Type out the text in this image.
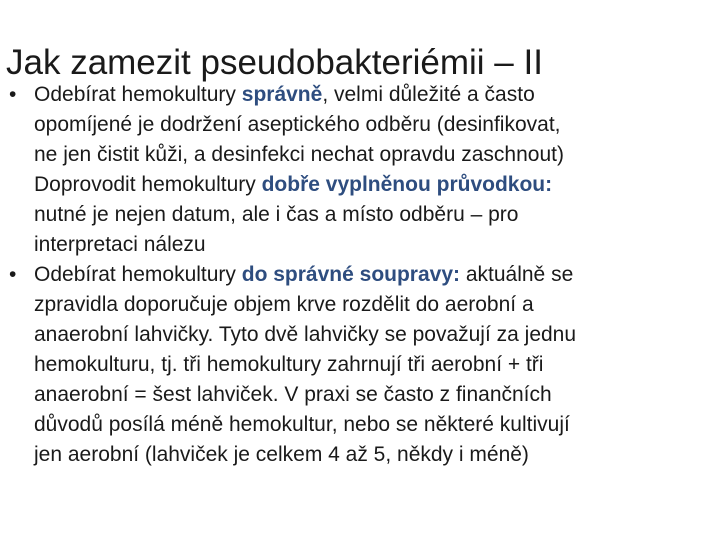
Jak zamezit pseudobakteriémii – II
• Odebírat hemokultury správně, velmi důležité a často
opomíjené je dodržení aseptického odběru (desinfikovat,
ne jen čistit kůži, a desinfekci nechat opravdu zaschnout)
Doprovodit hemokultury dobře vyplněnou průvodkou:
nutné je nejen datum, ale i čas a místo odběru – pro
interpretaci nálezu
• Odebírat hemokultury do správné soupravy: aktuálně se
zpravidla doporučuje objem krve rozdělit do aerobní a
anaerobní lahvičky. Tyto dvě lahvičky se považují za jednu
hemokulturu, tj. tři hemokultury zahrnují tři aerobní + tři
anaerobní = šest lahviček. V praxi se často z finančních
důvodů posílá méně hemokultur, nebo se některé kultivují
jen aerobní (lahviček je celkem 4 až 5, někdy i méně)
